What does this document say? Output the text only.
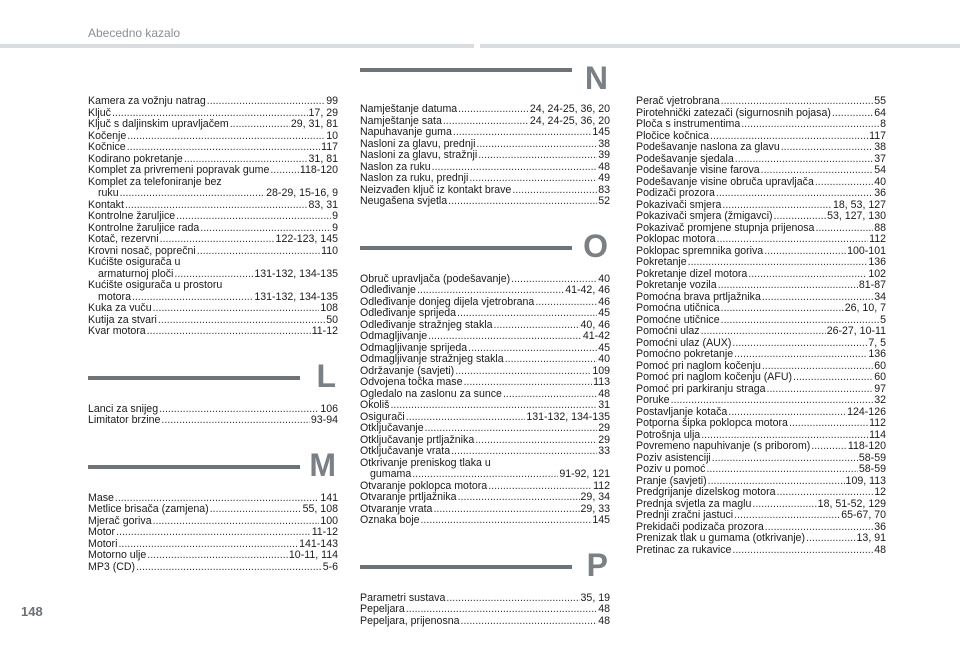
Abecedno kazalo
Kamera za vožnju natrag .....	99
Ključ .....	17, 29
Ključ s daljinskim upravljačem .....	29, 31, 81
Kočenje .....	10
Kočnice .....	117
Kodirano pokretanje .....	31, 81
Komplet za privremeni popravak gume .....	118-120
Komplet za telefoniranje bez
ruku .....	28-29, 15-16, 9
Kontakt .....	83, 31
Kontrolne žaruljice .....	9
Kontrolne žaruljice rada .....	9
Kotač, rezervni .....	122-123, 145
Krovni nosač, poprečni .....	110
Kućište osigurača u
armaturnoj ploči .....	131-132, 134-135
Kućište osigurača u prostoru
motora .....	131-132, 134-135
Kuka za vuču .....	108
Kutija za stvari .....	50
Kvar motora .....	11-12
L
Lanci za snijeg .....	106
Limitator brzine .....	93-94
M
Mase .....	141
Metlice brisača (zamjena) .....	55, 108
Mjerač goriva .....	100
Motor .....	11-12
Motori .....	141-143
Motorno ulje .....	10-11, 114
MP3 (CD) .....	5-6
N
Namještanje datuma .....	24, 24-25, 36, 20
Namještanje sata .....	24, 24-25, 36, 20
Napuhavanje guma .....	145
Nasloni za glavu, prednji .....	38
Nasloni za glavu, stražnji .....	39
Naslon za ruku .....	48
Naslon za ruku, prednji .....	49
Neizvađen ključ iz kontakt brave .....	83
Neugašena svjetla .....	52
O
Obruč upravljača (podešavanje) .....	40
Odleđivanje .....	41-42, 46
Odleđivanje donjeg dijela vjetrobrana .....	46
Odleđivanje sprijeda .....	45
Odleđivanje stražnjeg stakla .....	40, 46
Odmagljivanje .....	41-42
Odmagljivanje sprijeda .....	45
Odmagljivanje stražnjeg stakla .....	40
Održavanje (savjeti) .....	109
Odvojena točka mase .....	113
Ogledalo na zaslonu za sunce .....	48
Okoliš .....	31
Osigurači .....	131-132, 134-135
Otključavanje .....	29
Otključavanje prtljažnika .....	29
Otključavanje vrata .....	33
Otkrivanje preniskog tlaka u
gumama .....	91-92, 121
Otvaranje poklopca motora .....	112
Otvaranje prtljažnika .....	29, 34
Otvaranje vrata .....	29, 33
Oznaka boje .....	145
P
Parametri sustava .....	35, 19
Pepeljara .....	48
Pepeljara, prijenosna .....	48
Perač vjetrobrana .....	55
Pirotehnički zatezači (sigurnosnih pojasa) .....	64
Ploča s instrumentima .....	8
Pločice kočnica .....	117
Podešavanje naslona za glavu .....	38
Podešavanje sjedala .....	37
Podešavanje visine farova .....	54
Podešavanje visine obruča upravljača .....	40
Podizači prozora .....	36
Pokazivači smjera .....	18, 53, 127
Pokazivači smjera (žmigavci) .....	53, 127, 130
Pokazivač promjene stupnja prijenosa .....	88
Poklopac motora .....	112
Poklopac spremnika goriva .....	100-101
Pokretanje .....	136
Pokretanje dizel motora .....	102
Pokretanje vozila .....	81-87
Pomoćna brava prtljažnika .....	34
Pomoćna utičnica .....	26, 10, 7
Pomoćne utičnice .....	5
Pomoćni ulaz .....	26-27, 10-11
Pomoćni ulaz (AUX) .....	7, 5
Pomoćno pokretanje .....	136
Pomoć pri naglom kočenju .....	60
Pomoć pri naglom kočenju (AFU) .....	60
Pomoć pri parkiranju straga .....	97
Poruke .....	32
Postavljanje kotača .....	124-126
Potporna šipka poklopca motora .....	112
Potrošnja ulja .....	114
Povremeno napuhivanje (s priborom) .....	118-120
Poziv asistenciji .....	58-59
Poziv u pomoć .....	58-59
Pranje (savjeti) .....	109, 113
Predgrijanje dizelskog motora .....	12
Prednja svjetla za maglu .....	18, 51-52, 129
Prednji zračni jastuci .....	65-67, 70
Prekidači podizača prozora .....	36
Prenizak tlak u gumama (otkrivanje) .....	13, 91
Pretinac za rukavice .....	48
148
